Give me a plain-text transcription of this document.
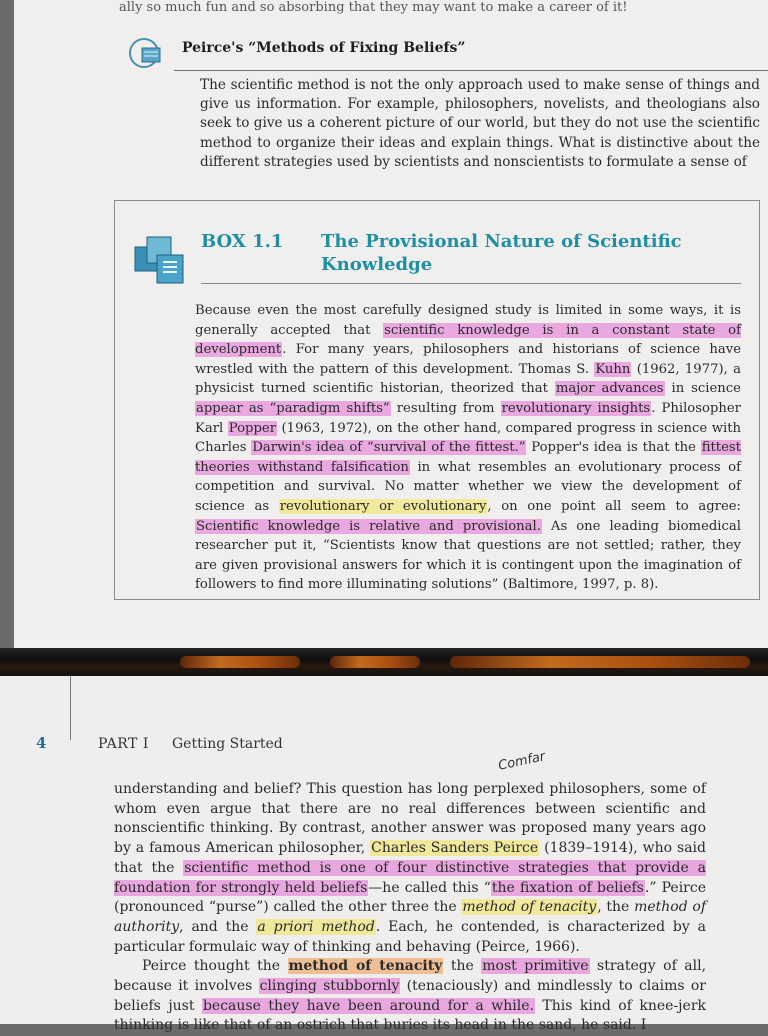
ally so much fun and so absorbing that they may want to make a career of it!
Peirce's “Methods of Fixing Beliefs”

The scientific method is not the only approach used to make sense of things and give us information. For example, philosophers, novelists, and theologians also seek to give us a coherent picture of our world, but they do not use the scientific method to organize their ideas and explain things. What is distinctive about the different strategies used by scientists and nonscientists to formulate a sense of

BOX 1.1 The Provisional Nature of Scientific
Knowledge

Because even the most carefully designed study is limited in some ways, it is generally accepted that scientific knowledge is in a constant state of development. For many years, philosophers and historians of science have wrestled with the pattern of this development. Thomas S. Kuhn (1962, 1977), a physicist turned scientific historian, theorized that major advances in science appear as “paradigm shifts” resulting from revolutionary insights. Philosopher Karl Popper (1963, 1972), on the other hand, compared progress in science with Charles Darwin's idea of “survival of the fittest.” Popper's idea is that the fittest theories withstand falsification in what resembles an evolutionary process of competition and survival. No matter whether we view the development of science as revolutionary or evolutionary, on one point all seem to agree: Scientific knowledge is relative and provisional. As one leading biomedical researcher put it, “Scientists know that questions are not settled; rather, they are given provisional answers for which it is contingent upon the imagination of followers to find more illuminating solutions” (Baltimore, 1997, p. 8).

4	PART I Getting Started
Comfar

understanding and belief? This question has long perplexed philosophers, some of whom even argue that there are no real differences between scientific and nonscientific thinking. By contrast, another answer was proposed many years ago by a famous American philosopher, Charles Sanders Peirce (1839–1914), who said that the scientific method is one of four distinctive strategies that provide a foundation for strongly held beliefs—he called this “the fixation of beliefs.” Peirce (pronounced “purse”) called the other three the method of tenacity, the method of authority, and the a priori method. Each, he contended, is characterized by a particular formulaic way of thinking and behaving (Peirce, 1966).
Peirce thought the method of tenacity the most primitive strategy of all, because it involves clinging stubbornly (tenaciously) and mindlessly to claims or beliefs just because they have been around for a while. This kind of knee-jerk thinking is like that of an ostrich that buries its head in the sand, he said. I
